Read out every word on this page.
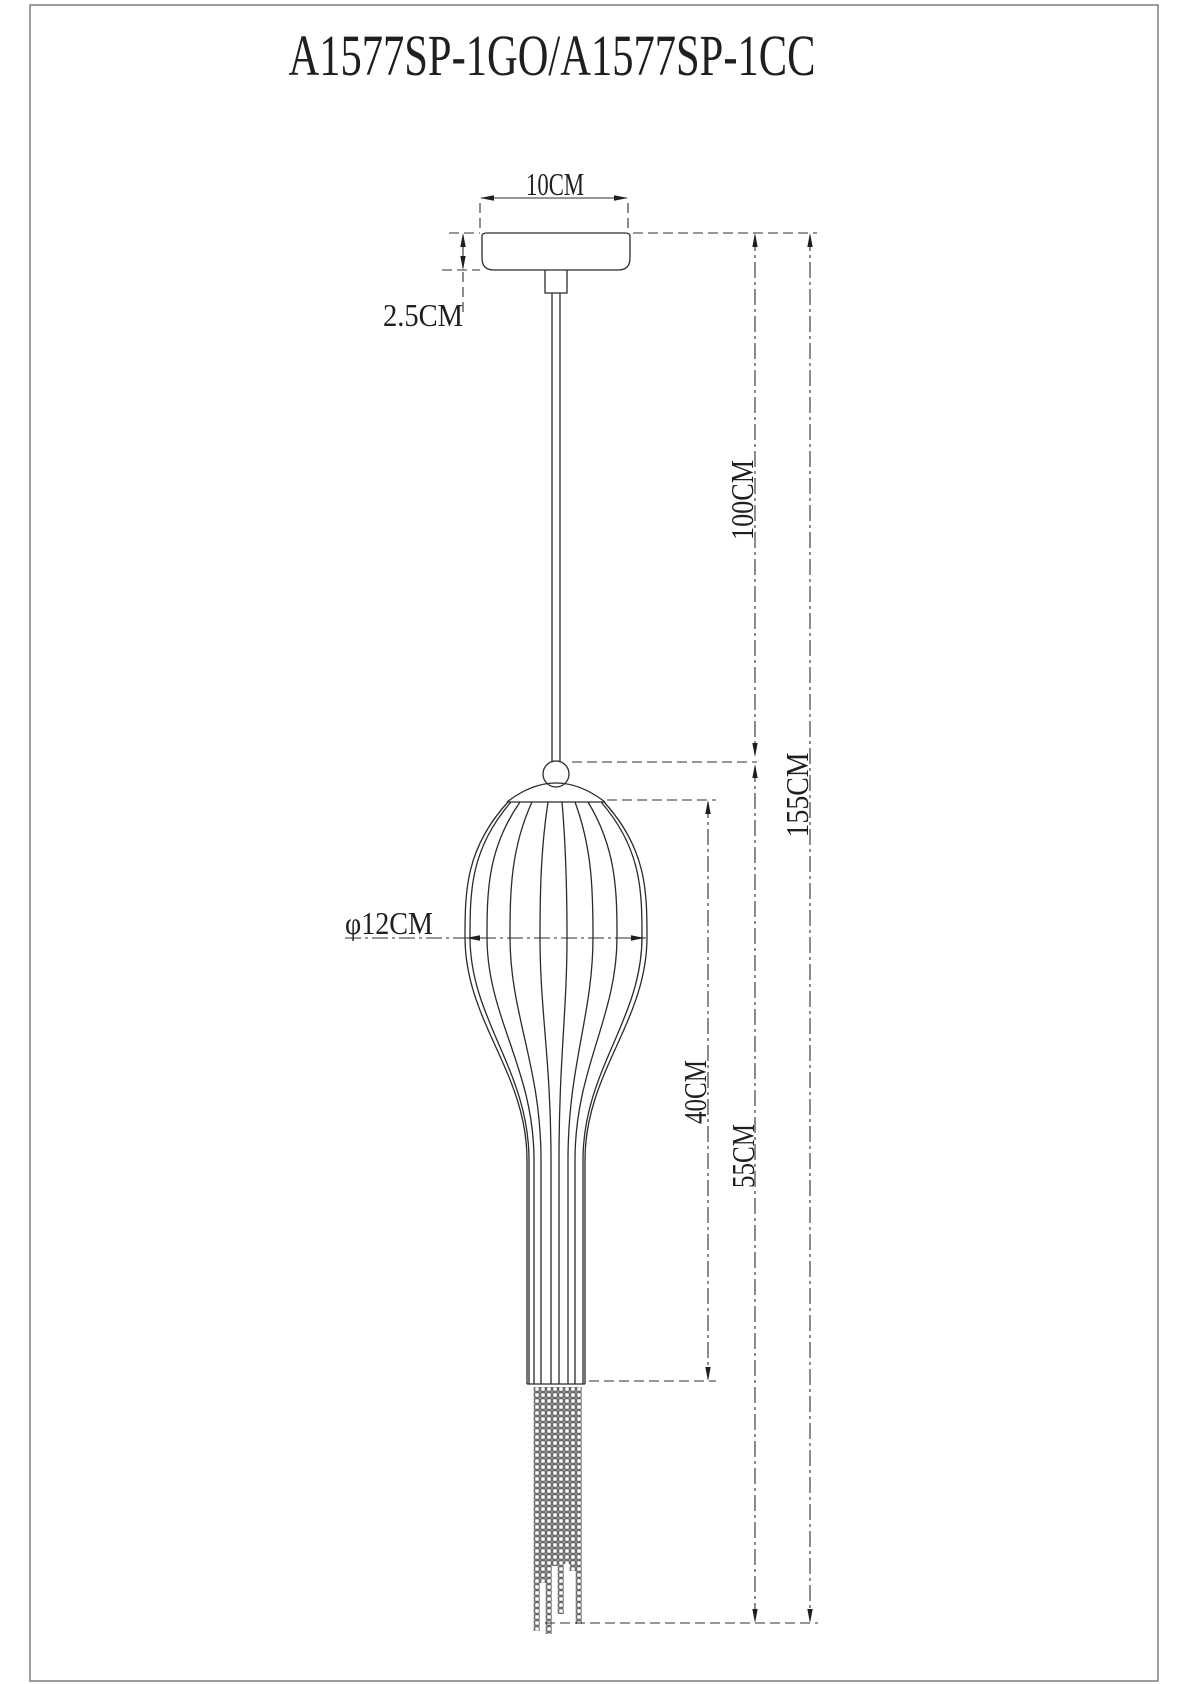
A1577SP-1GO/A1577SP-1CC
10CM
2.5CM
φ12CM
100CM
155CM
40CM
55CM
